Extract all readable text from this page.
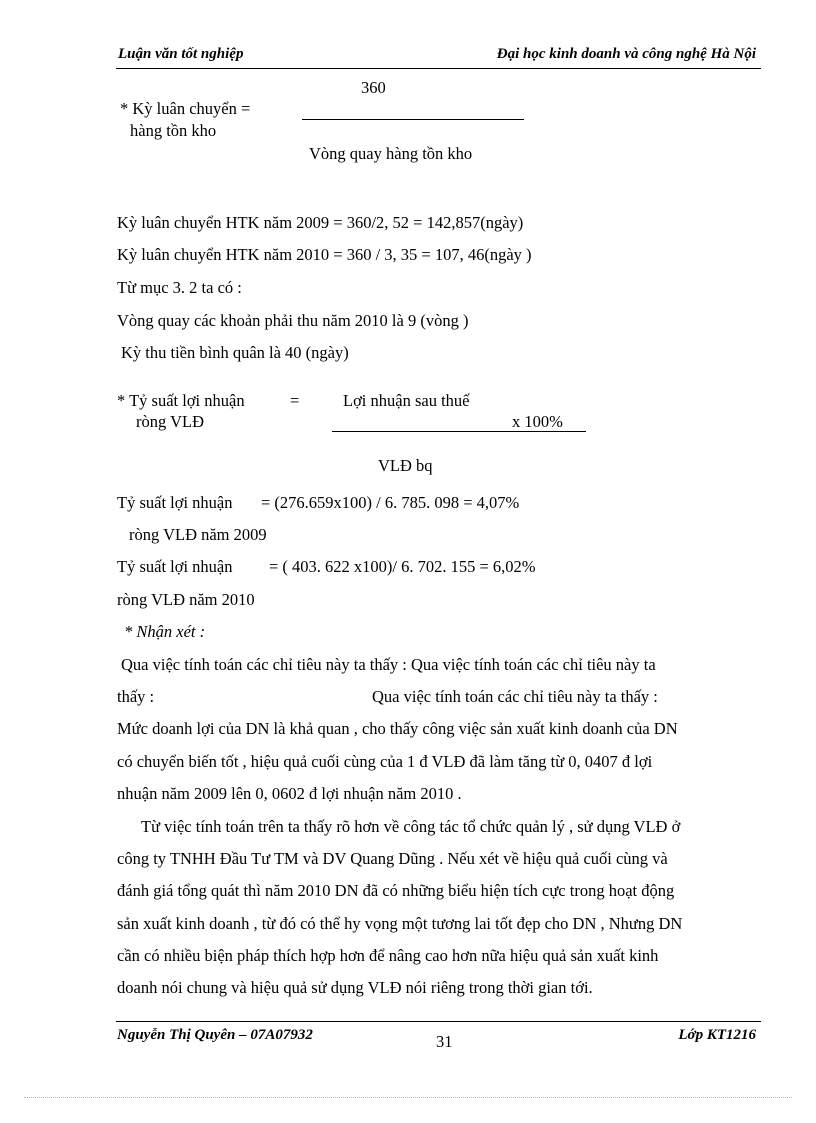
Luận văn tốt nghiệp	Đại học kinh doanh và công nghệ Hà Nội
360
* Kỳ luân chuyển =
hàng tồn kho
Vòng quay hàng tồn kho
Kỳ luân chuyển HTK năm 2009 = 360/2, 52 = 142,857(ngày)
Kỳ luân chuyển HTK năm 2010 = 360 / 3, 35 = 107, 46(ngày )
Từ mục 3. 2 ta có :
Vòng quay các khoản phải thu năm 2010 là 9 (vòng )
Kỳ thu tiền bình quân là 40 (ngày)
* Tỷ suất lợi nhuận	=	Lợi nhuận sau thuế
ròng VLĐ	x 100%
VLĐ bq
Tỷ suất lợi nhuận = (276.659x100) / 6. 785. 098 = 4,07%
ròng VLĐ năm 2009
Tỷ suất lợi nhuận = ( 403. 622 x100)/ 6. 702. 155 = 6,02%
ròng VLĐ năm 2010
* Nhận xét :
Qua việc tính toán các chỉ tiêu này ta thấy : Qua việc tính toán các chỉ tiêu này ta
thấy :	Qua việc tính toán các chỉ tiêu này ta thấy :
Mức doanh lợi của DN là khả quan , cho thấy công việc sản xuất kinh doanh của DN
có chuyển biến tốt , hiệu quả cuối cùng của 1 đ VLĐ đã làm tăng từ 0, 0407 đ lợi
nhuận năm 2009 lên 0, 0602 đ lợi nhuận năm 2010 .
Từ việc tính toán trên ta thấy rõ hơn về công tác tổ chức quản lý , sử dụng VLĐ ở
công ty TNHH Đầu Tư TM và DV Quang Dũng . Nếu xét về hiệu quả cuối cùng và
đánh giá tổng quát thì năm 2010 DN đã có những biểu hiện tích cực trong hoạt động
sản xuất kinh doanh , từ đó có thể hy vọng một tương lai tốt đẹp cho DN , Nhưng DN
cần có nhiều biện pháp thích hợp hơn để nâng cao hơn nữa hiệu quả sản xuất kinh
doanh nói chung và hiệu quả sử dụng VLĐ nói riêng trong thời gian tới.
Nguyễn Thị Quyên – 07A07932	31	Lớp KT1216
